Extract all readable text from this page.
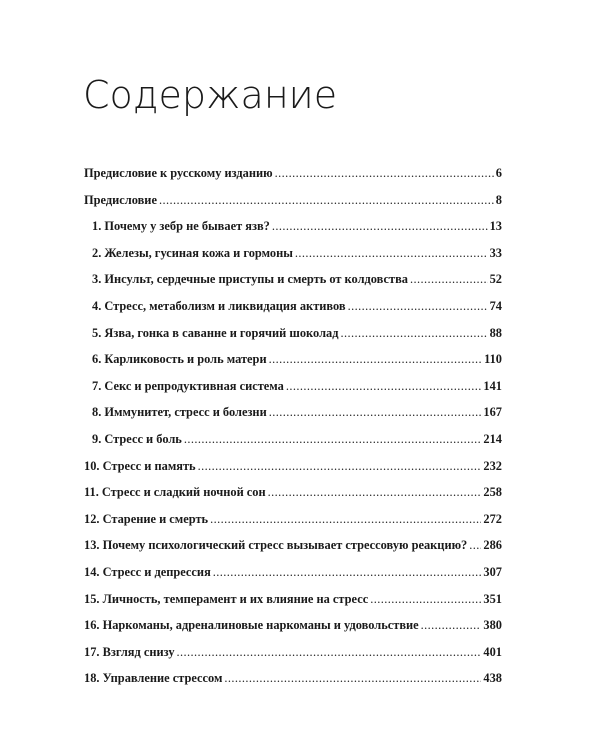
Содержание
Предисловие к русскому изданию .....	6
Предисловие .....	8
1. Почему у зебр не бывает язв? .....	13
2. Железы, гусиная кожа и гормоны .....	33
3. Инсульт, сердечные приступы и смерть от колдовства .....	52
4. Стресс, метаболизм и ликвидация активов .....	74
5. Язва, гонка в саванне и горячий шоколад .....	88
6. Карликовость и роль матери .....	110
7. Секс и репродуктивная система .....	141
8. Иммунитет, стресс и болезни .....	167
9. Стресс и боль .....	214
10. Стресс и память .....	232
11. Стресс и сладкий ночной сон .....	258
12. Старение и смерть .....	272
13. Почему психологический стресс вызывает стрессовую реакцию? ..... 286
14. Стресс и депрессия .....	307
15. Личность, темперамент и их влияние на стресс .....	351
16. Наркоманы, адреналиновые наркоманы и удовольствие .....	380
17. Взгляд снизу .....	401
18. Управление стрессом .....	438
